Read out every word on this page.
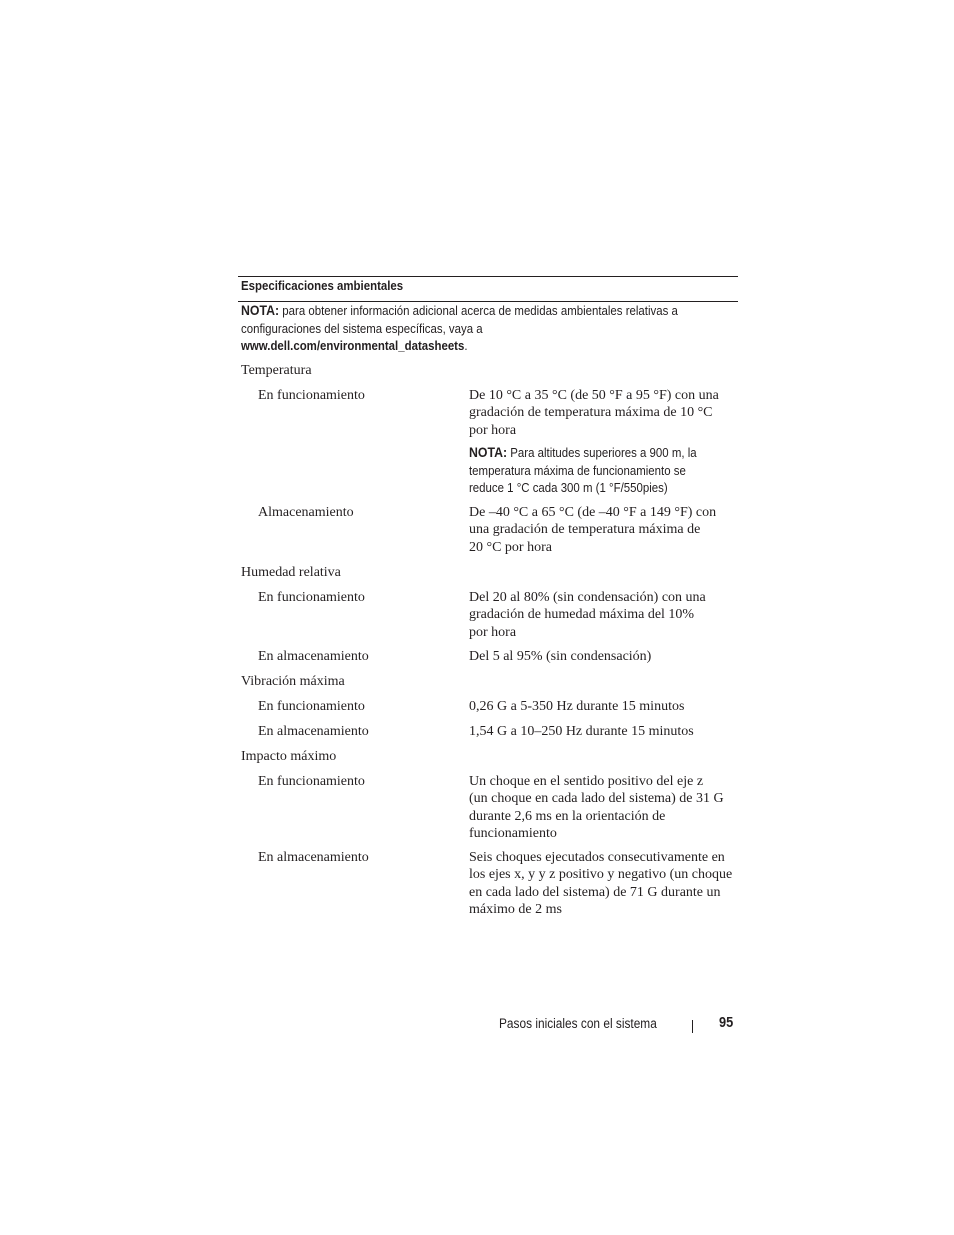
Especificaciones ambientales
NOTA: para obtener información adicional acerca de medidas ambientales relativas a
configuraciones del sistema específicas, vaya a
www.dell.com/environmental_datasheets.
Temperatura
En funcionamiento	De 10 °C a 35 °C (de 50 °F a 95 °F) con una
gradación de temperatura máxima de 10 °C
por hora
NOTA: Para altitudes superiores a 900 m, la
temperatura máxima de funcionamiento se
reduce 1 °C cada 300 m (1 °F/550pies)
Almacenamiento	De –40 °C a 65 °C (de –40 °F a 149 °F) con
una gradación de temperatura máxima de
20 °C por hora
Humedad relativa
En funcionamiento	Del 20 al 80% (sin condensación) con una
gradación de humedad máxima del 10%
por hora
En almacenamiento	Del 5 al 95% (sin condensación)
Vibración máxima
En funcionamiento	0,26 G a 5-350 Hz durante 15 minutos
En almacenamiento	1,54 G a 10–250 Hz durante 15 minutos
Impacto máximo
En funcionamiento	Un choque en el sentido positivo del eje z
(un choque en cada lado del sistema) de 31 G
durante 2,6 ms en la orientación de
funcionamiento
En almacenamiento	Seis choques ejecutados consecutivamente en
los ejes x, y y z positivo y negativo (un choque
en cada lado del sistema) de 71 G durante un
máximo de 2 ms
Pasos iniciales con el sistema	95
